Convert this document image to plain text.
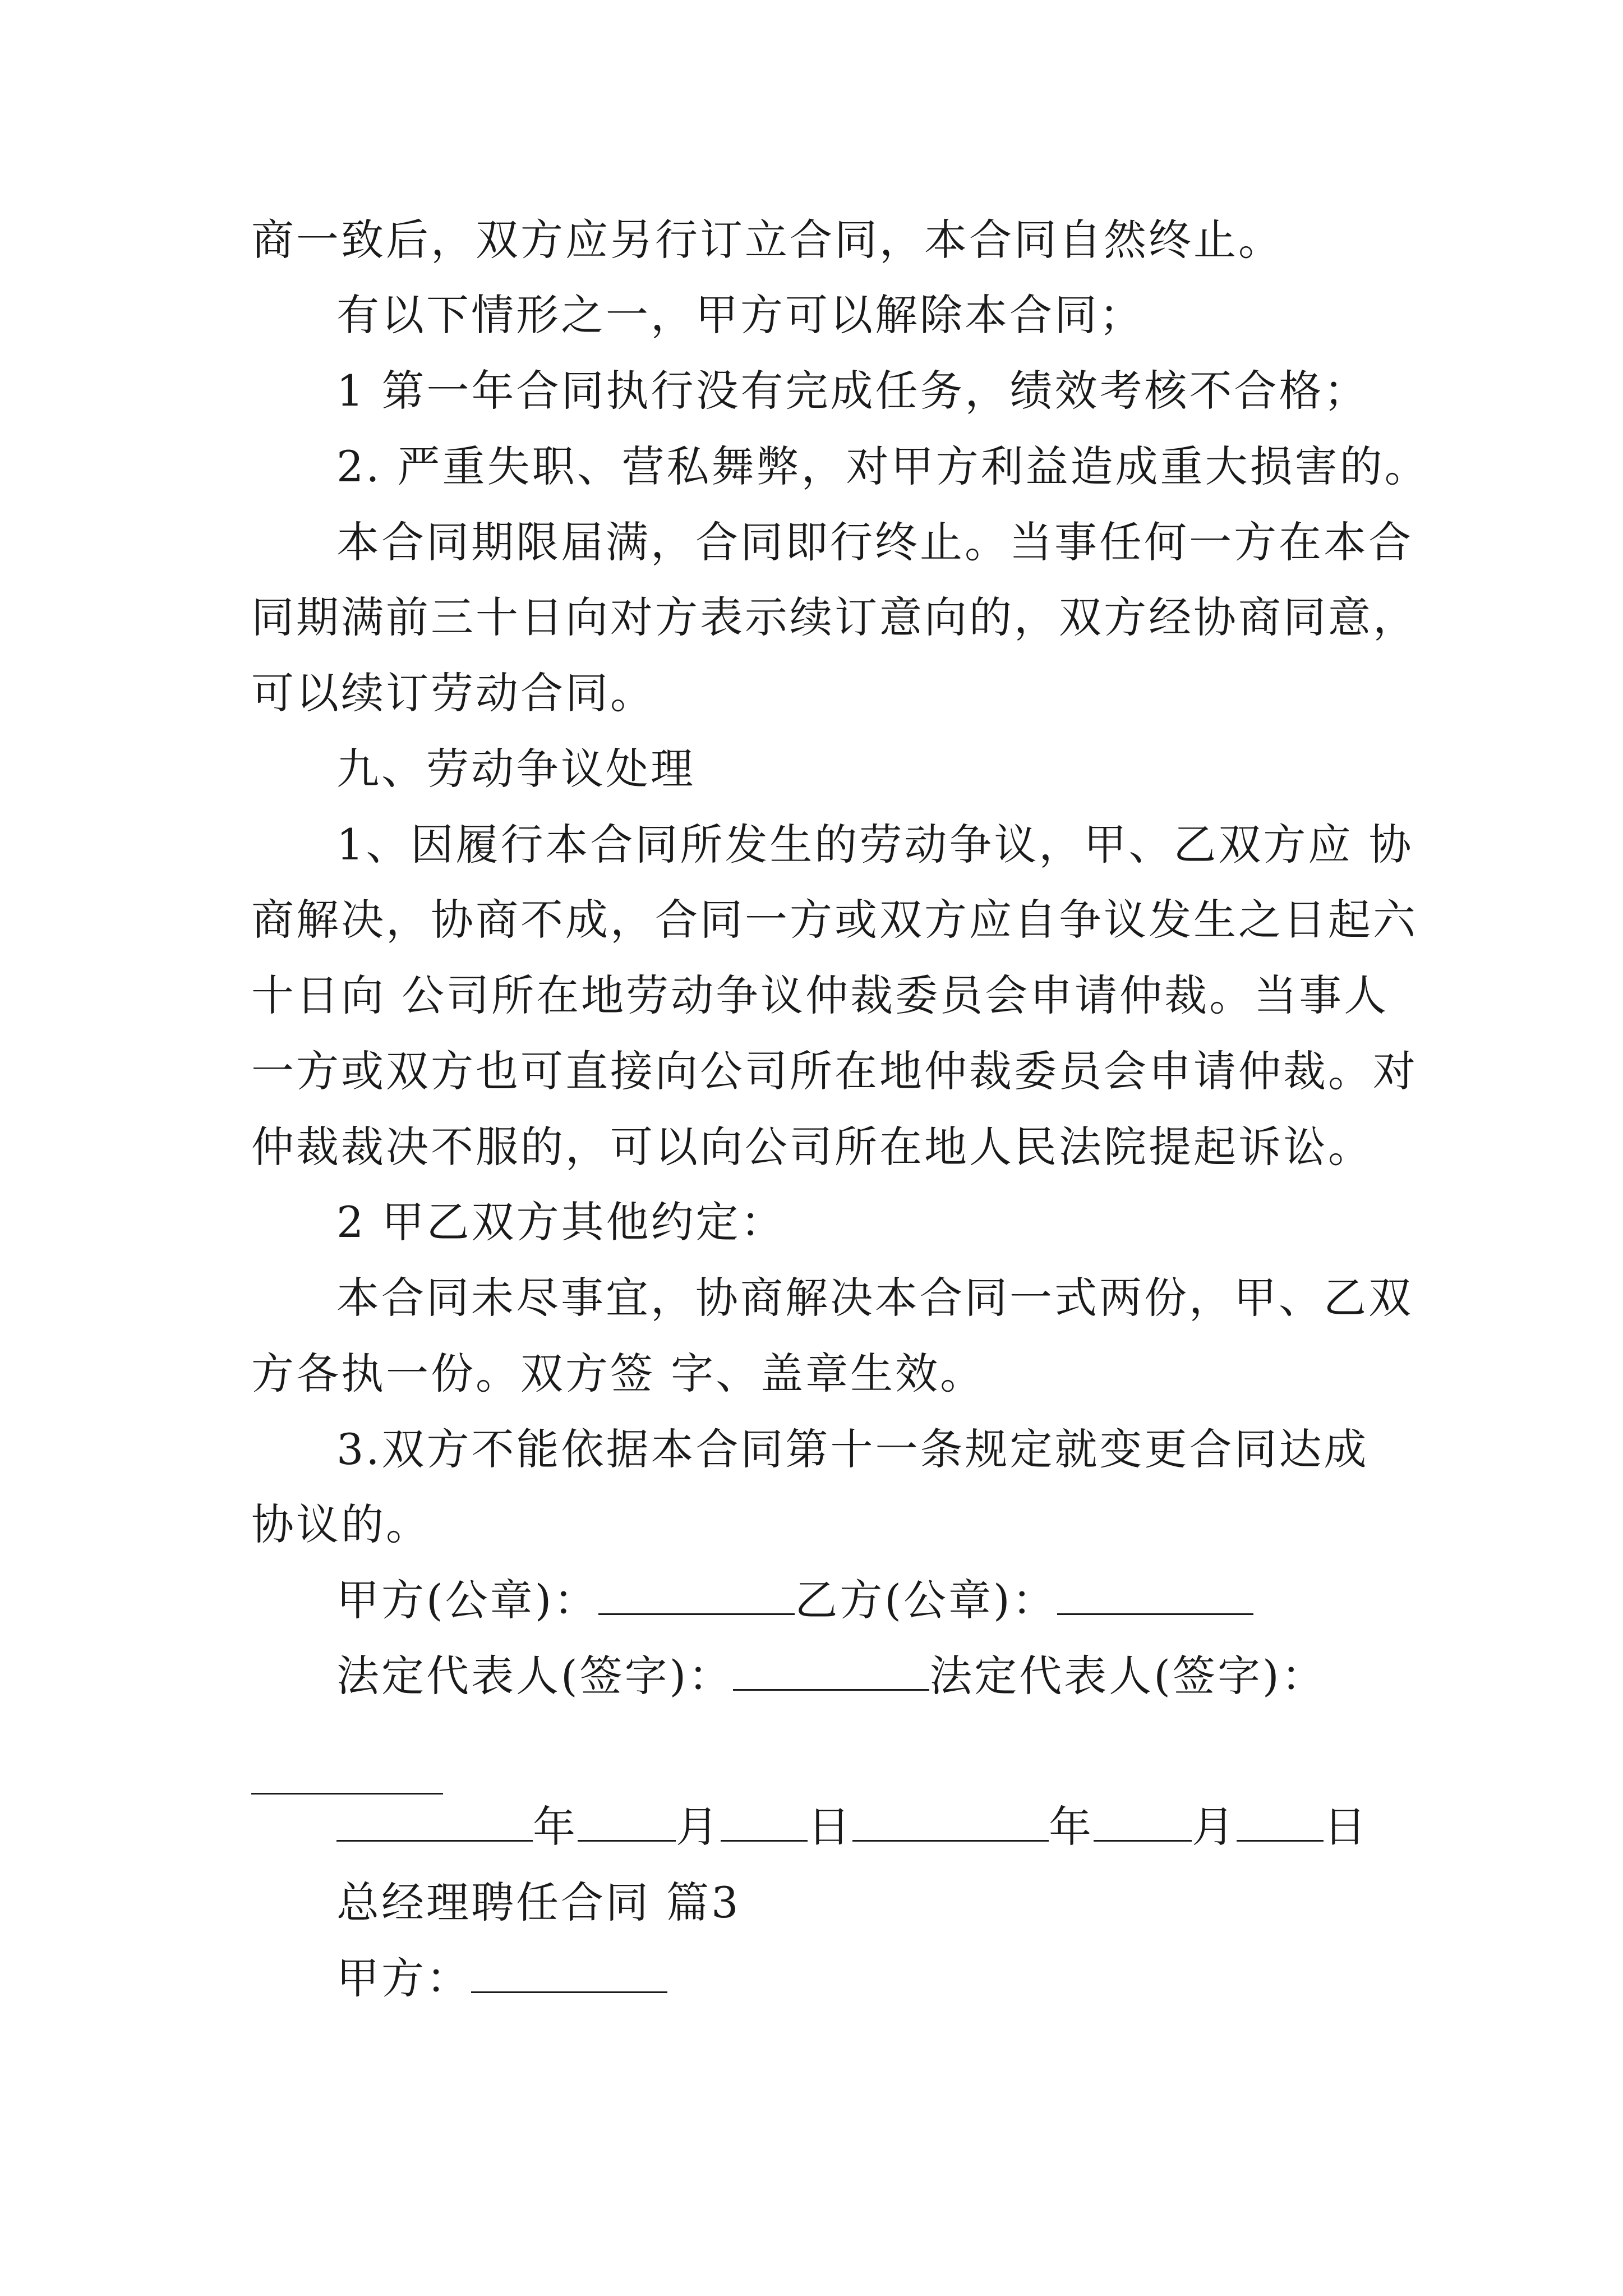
商一致后，双方应另行订立合同，本合同自然终止。
有以下情形之一，甲方可以解除本合同；
1 第一年合同执行没有完成任务，绩效考核不合格；
2. 严重失职、营私舞弊，对甲方利益造成重大损害的。
本合同期限届满，合同即行终止。当事任何一方在本合
同期满前三十日向对方表示续订意向的，双方经协商同意，
可以续订劳动合同。
九、劳动争议处理
1、因履行本合同所发生的劳动争议，甲、乙双方应 协
商解决，协商不成，合同一方或双方应自争议发生之日起六
十日向 公司所在地劳动争议仲裁委员会申请仲裁。当事人
一方或双方也可直接向公司所在地仲裁委员会申请仲裁。对
仲裁裁决不服的，可以向公司所在地人民法院提起诉讼。
2 甲乙双方其他约定：
本合同未尽事宜，协商解决本合同一式两份，甲、乙双
方各执一份。双方签 字、盖章生效。
3.双方不能依据本合同第十一条规定就变更合同达成
协议的。
甲方(公章)：	乙方(公章)：
法定代表人(签字)：	法定代表人(签字)：
年 月 日	年 月 日
总经理聘任合同 篇3
甲方：
